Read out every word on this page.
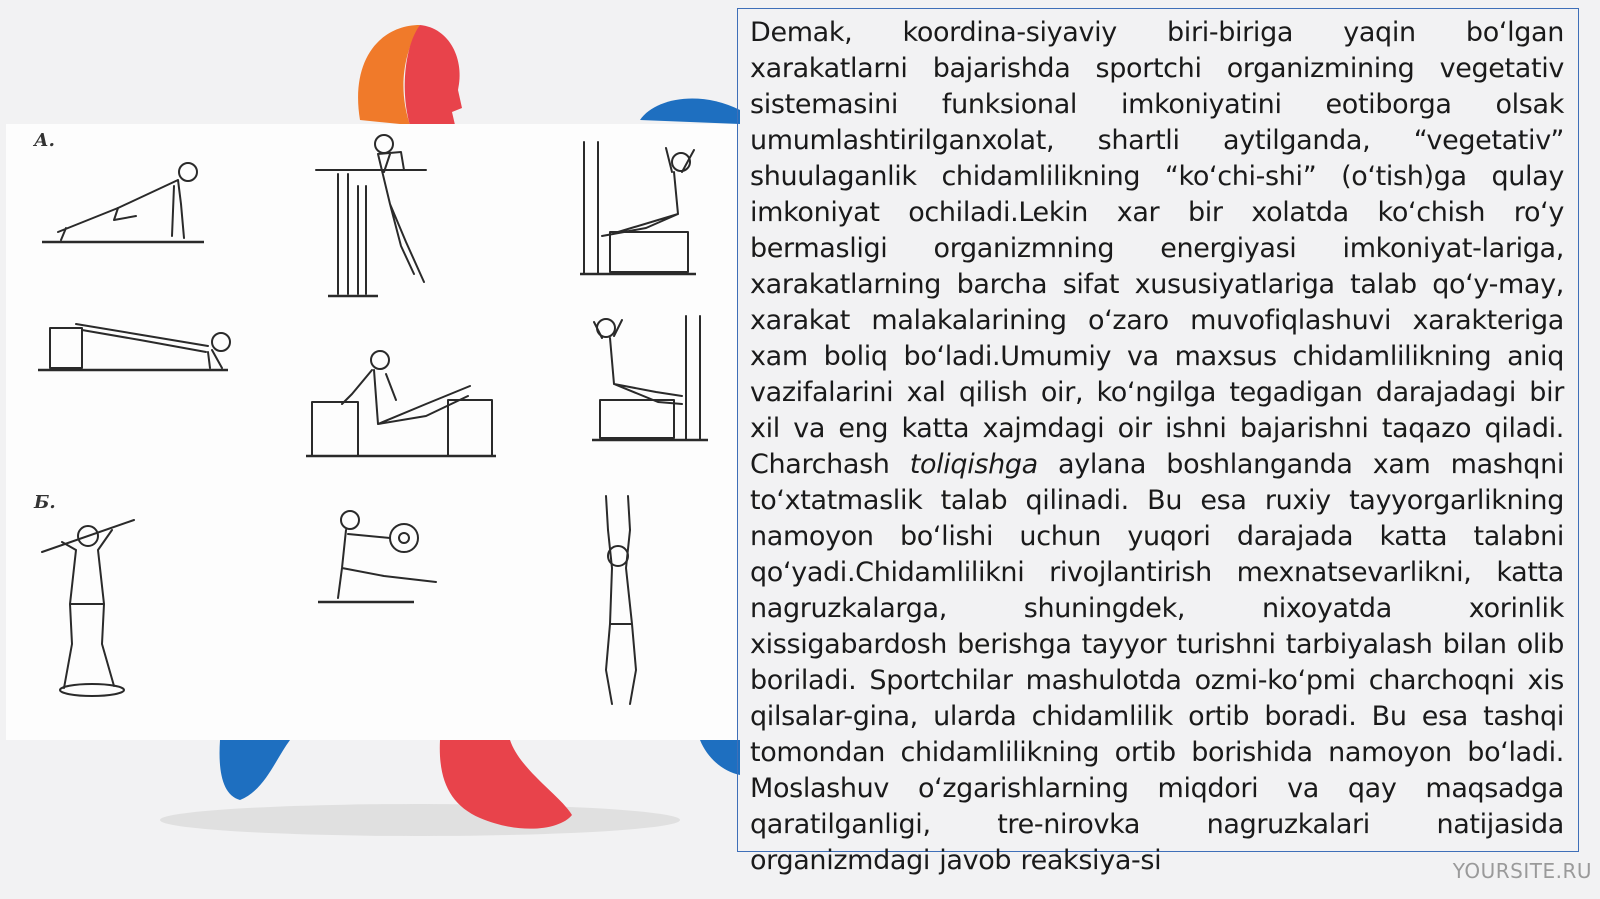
А.
Б.

Demak, koordina-siyaviy biri-biriga yaqin bo‘lgan xarakatlarni bajarishda sportchi organizmining vegetativ sistemasini funksional imkoniyatini eotiborga olsak umumlashtirilganxolat, shartli aytilganda, “vegetativ” shuulaganlik chidamlilikning “ko‘chi-shi” (o‘tish)ga qulay imkoniyat ochiladi.Lekin xar bir xolatda ko‘chish ro‘y bermasligi organizmning energiyasi imkoniyat-lariga, xarakatlarning barcha sifat xususiyatlariga talab qo‘y-may, xarakat malakalarining o‘zaro muvofiqlashuvi xarakteriga xam boliq bo‘ladi.Umumiy va maxsus chidamlilikning aniq vazifalarini xal qilish oir, ko‘ngilga tegadigan darajadagi bir xil va eng katta xajmdagi oir ishni bajarishni taqazo qiladi. Charchash toliqishga aylana boshlanganda xam mashqni to‘xtatmaslik talab qilinadi. Bu esa ruxiy tayyorgarlikning namoyon bo‘lishi uchun yuqori darajada katta talabni qo‘yadi.Chidamlilikni rivojlantirish mexnatsevarlikni, katta nagruzkalarga, shuningdek, nixoyatda xorinlik xissigabardosh berishga tayyor turishni tarbiyalash bilan olib boriladi. Sportchilar mashulotda ozmi-ko‘pmi charchoqni xis qilsalar-gina, ularda chidamlilik ortib boradi. Bu esa tashqi tomondan chidamlilikning ortib borishida namoyon bo‘ladi. Moslashuv o‘zgarishlarning miqdori va qay maqsadga qaratilganligi, tre-nirovka nagruzkalari natijasida organizmdagi javob reaksiya-si	YOURSITE.RU
